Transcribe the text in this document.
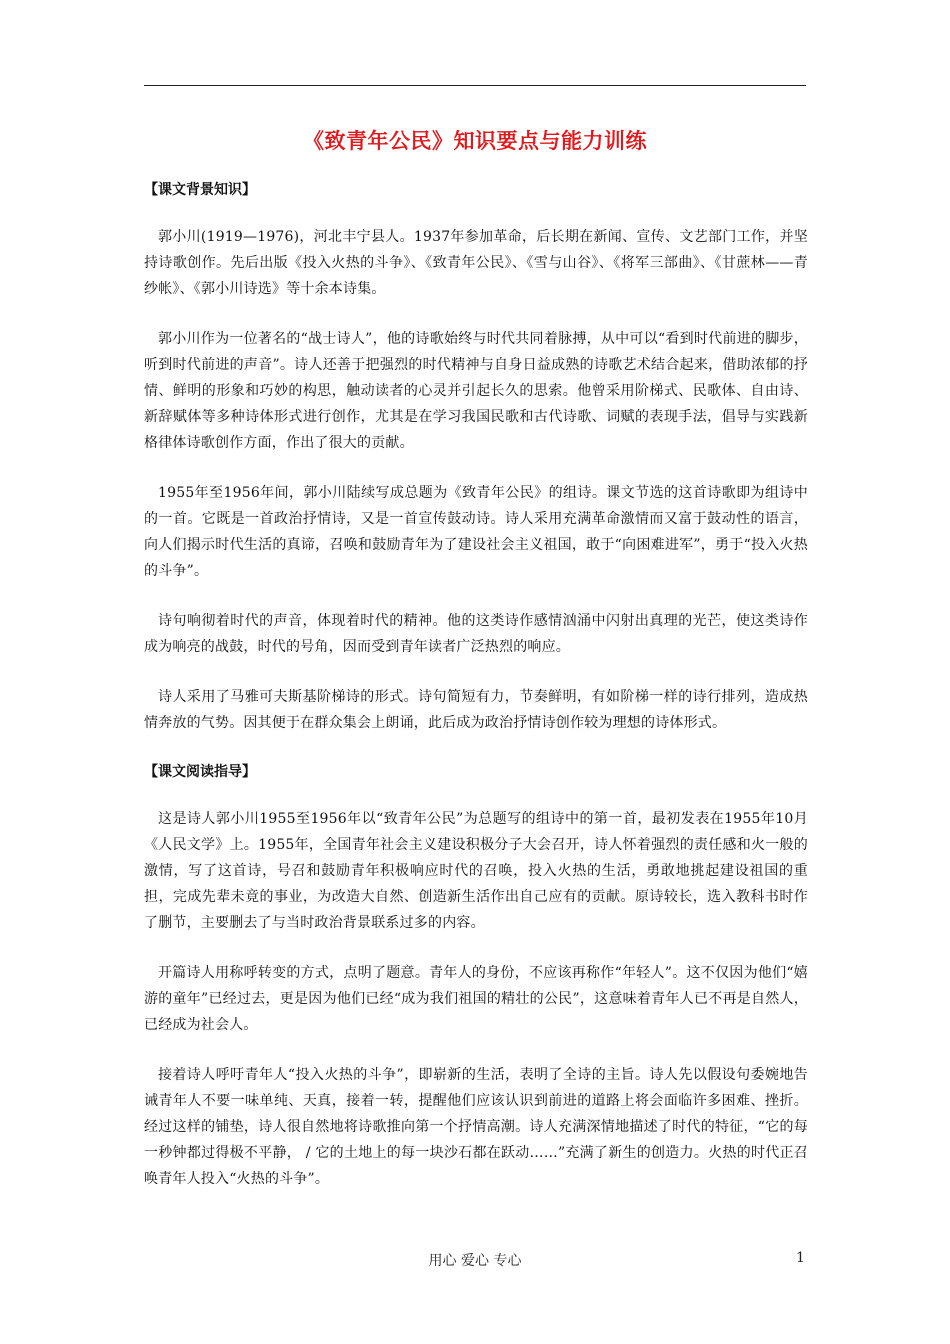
《致青年公民》知识要点与能力训练
【课文背景知识】

郭小川(1919—1976)，河北丰宁县人。1937年参加革命，后长期在新闻、宣传、文艺部门工作，并坚持诗歌创作。先后出版《投入火热的斗争》、《致青年公民》、《雪与山谷》、《将军三部曲》、《甘蔗林——青纱帐》、《郭小川诗选》等十余本诗集。

郭小川作为一位著名的“战士诗人”，他的诗歌始终与时代共同着脉搏，从中可以“看到时代前进的脚步，听到时代前进的声音”。诗人还善于把强烈的时代精神与自身日益成熟的诗歌艺术结合起来，借助浓郁的抒情、鲜明的形象和巧妙的构思，触动读者的心灵并引起长久的思索。他曾采用阶梯式、民歌体、自由诗、新辞赋体等多种诗体形式进行创作，尤其是在学习我国民歌和古代诗歌、词赋的表现手法，倡导与实践新格律体诗歌创作方面，作出了很大的贡献。

1955年至1956年间，郭小川陆续写成总题为《致青年公民》的组诗。课文节选的这首诗歌即为组诗中的一首。它既是一首政治抒情诗，又是一首宣传鼓动诗。诗人采用充满革命激情而又富于鼓动性的语言，向人们揭示时代生活的真谛，召唤和鼓励青年为了建设社会主义祖国，敢于“向困难进军”，勇于“投入火热的斗争”。

诗句响彻着时代的声音，体现着时代的精神。他的这类诗作感情汹涌中闪射出真理的光芒，使这类诗作成为响亮的战鼓，时代的号角，因而受到青年读者广泛热烈的响应。

诗人采用了马雅可夫斯基阶梯诗的形式。诗句简短有力，节奏鲜明，有如阶梯一样的诗行排列，造成热情奔放的气势。因其便于在群众集会上朗诵，此后成为政治抒情诗创作较为理想的诗体形式。

【课文阅读指导】

这是诗人郭小川1955至1956年以“致青年公民”为总题写的组诗中的第一首，最初发表在1955年10月《人民文学》上。1955年，全国青年社会主义建设积极分子大会召开，诗人怀着强烈的责任感和火一般的激情，写了这首诗，号召和鼓励青年积极响应时代的召唤，投入火热的生活，勇敢地挑起建设祖国的重担，完成先辈未竟的事业，为改造大自然、创造新生活作出自己应有的贡献。原诗较长，选入教科书时作了删节，主要删去了与当时政治背景联系过多的内容。

开篇诗人用称呼转变的方式，点明了题意。青年人的身份，不应该再称作“年轻人”。这不仅因为他们“嬉游的童年”已经过去，更是因为他们已经“成为我们祖国的精壮的公民”，这意味着青年人已不再是自然人，已经成为社会人。

接着诗人呼吁青年人“投入火热的斗争”，即崭新的生活，表明了全诗的主旨。诗人先以假设句委婉地告诫青年人不要一味单纯、天真，接着一转，提醒他们应该认识到前进的道路上将会面临许多困难、挫折。经过这样的铺垫，诗人很自然地将诗歌推向第一个抒情高潮。诗人充满深情地描述了时代的特征，“它的每一秒钟都过得极不平静， / 它的土地上的每一块沙石都在跃动……”充满了新生的创造力。火热的时代正召唤青年人投入“火热的斗争”。

用心 爱心 专心	1
